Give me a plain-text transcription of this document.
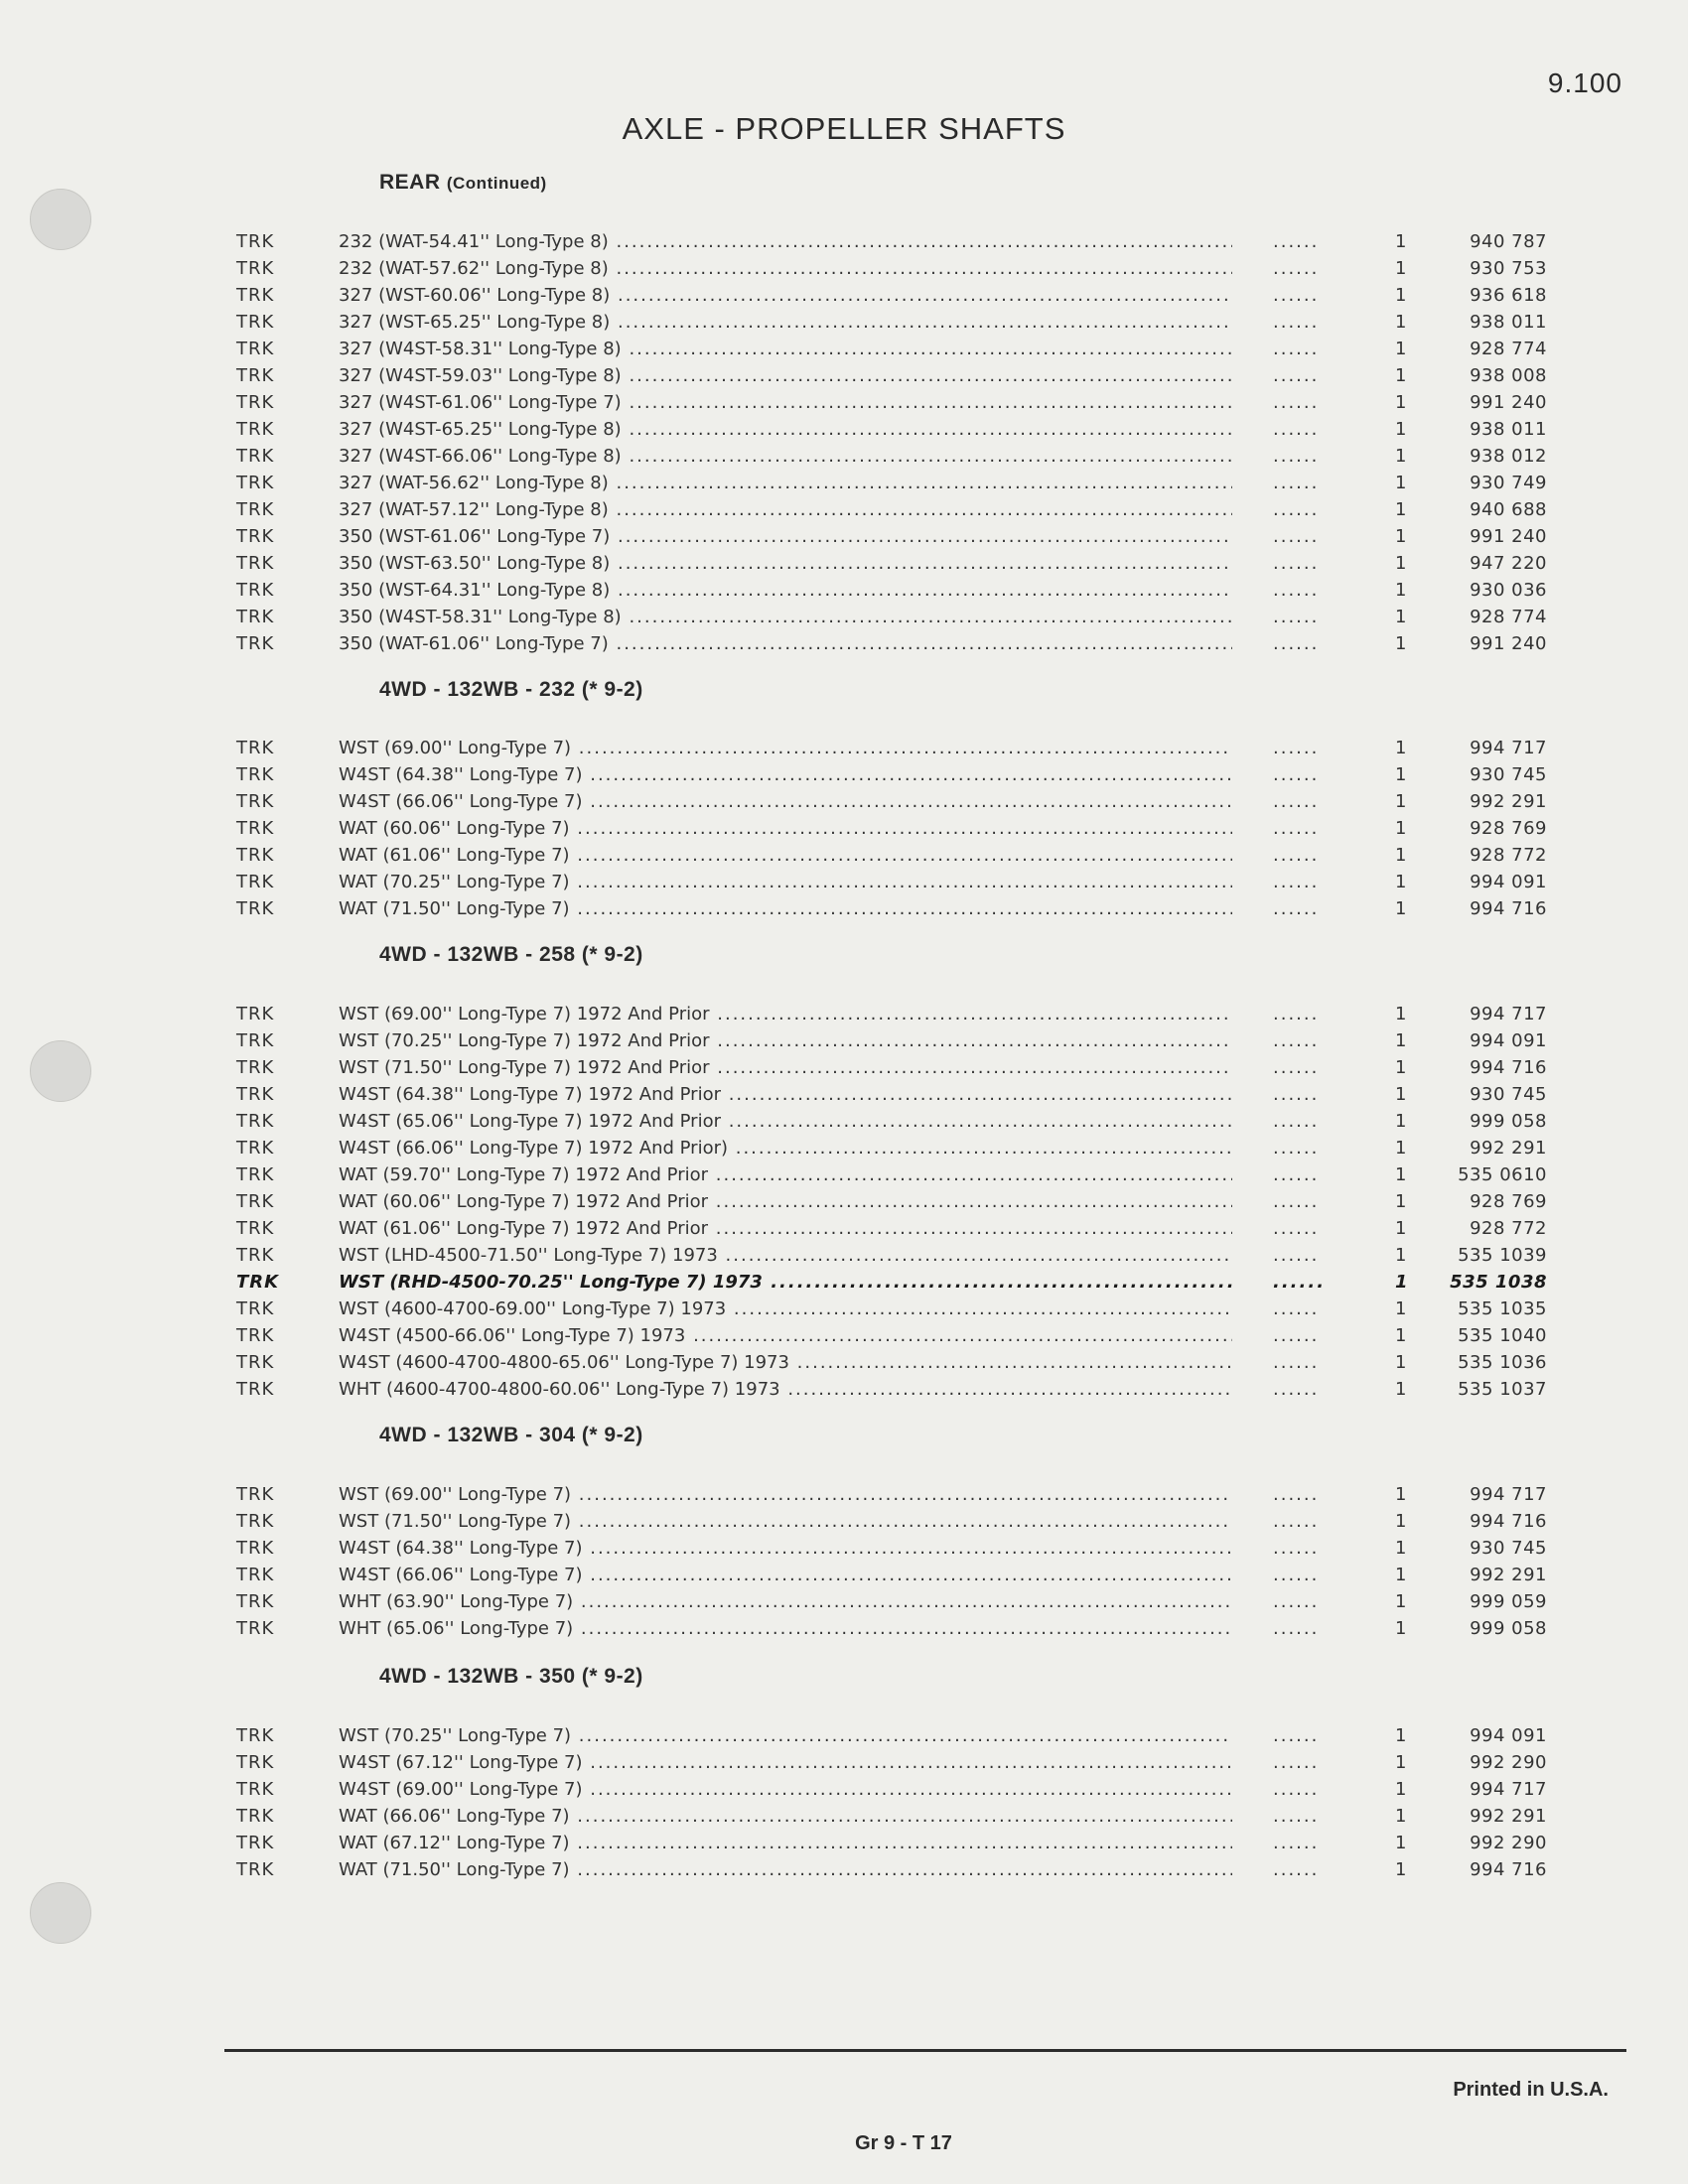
9.100
AXLE - PROPELLER SHAFTS
REAR (Continued)
TRK	232 (WAT-54.41'' Long-Type 8) .....	......	1	940 787
TRK	232 (WAT-57.62'' Long-Type 8) .....	......	1	930 753
TRK	327 (WST-60.06'' Long-Type 8) .....	......	1	936 618
TRK	327 (WST-65.25'' Long-Type 8) .....	......	1	938 011
TRK	327 (W4ST-58.31'' Long-Type 8) .....	......	1	928 774
TRK	327 (W4ST-59.03'' Long-Type 8) .....	......	1	938 008
TRK	327 (W4ST-61.06'' Long-Type 7) .....	......	1	991 240
TRK	327 (W4ST-65.25'' Long-Type 8) .....	......	1	938 011
TRK	327 (W4ST-66.06'' Long-Type 8) .....	......	1	938 012
TRK	327 (WAT-56.62'' Long-Type 8) .....	......	1	930 749
TRK	327 (WAT-57.12'' Long-Type 8) .....	......	1	940 688
TRK	350 (WST-61.06'' Long-Type 7) .....	......	1	991 240
TRK	350 (WST-63.50'' Long-Type 8) .....	......	1	947 220
TRK	350 (WST-64.31'' Long-Type 8) .....	......	1	930 036
TRK	350 (W4ST-58.31'' Long-Type 8) .....	......	1	928 774
TRK	350 (WAT-61.06'' Long-Type 7) .....	......	1	991 240
4WD - 132WB - 232 (* 9-2)
TRK	WST (69.00'' Long-Type 7) .....	......	1	994 717
TRK	W4ST (64.38'' Long-Type 7) .....	......	1	930 745
TRK	W4ST (66.06'' Long-Type 7) .....	......	1	992 291
TRK	WAT (60.06'' Long-Type 7) .....	......	1	928 769
TRK	WAT (61.06'' Long-Type 7) .....	......	1	928 772
TRK	WAT (70.25'' Long-Type 7) .....	......	1	994 091
TRK	WAT (71.50'' Long-Type 7) .....	......	1	994 716
4WD - 132WB - 258 (* 9-2)
TRK	WST (69.00'' Long-Type 7) 1972 And Prior .....	......	1	994 717
TRK	WST (70.25'' Long-Type 7) 1972 And Prior .....	......	1	994 091
TRK	WST (71.50'' Long-Type 7) 1972 And Prior .....	......	1	994 716
TRK	W4ST (64.38'' Long-Type 7) 1972 And Prior .....	......	1	930 745
TRK	W4ST (65.06'' Long-Type 7) 1972 And Prior .....	......	1	999 058
TRK	W4ST (66.06'' Long-Type 7) 1972 And Prior) .....	......	1	992 291
TRK	WAT (59.70'' Long-Type 7) 1972 And Prior .....	......	1	535 0610
TRK	WAT (60.06'' Long-Type 7) 1972 And Prior .....	......	1	928 769
TRK	WAT (61.06'' Long-Type 7) 1972 And Prior .....	......	1	928 772
TRK	WST (LHD-4500-71.50'' Long-Type 7) 1973 .....	......	1	535 1039
TRK	WST (RHD-4500-70.25'' Long-Type 7) 1973 .....	......	1	535 1038
TRK	WST (4600-4700-69.00'' Long-Type 7) 1973 .....	......	1	535 1035
TRK	W4ST (4500-66.06'' Long-Type 7) 1973 .....	......	1	535 1040
TRK	W4ST (4600-4700-4800-65.06'' Long-Type 7) 1973 .....	......	1	535 1036
TRK	WHT (4600-4700-4800-60.06'' Long-Type 7) 1973 .....	......	1	535 1037
4WD - 132WB - 304 (* 9-2)
TRK	WST (69.00'' Long-Type 7) .....	......	1	994 717
TRK	WST (71.50'' Long-Type 7) .....	......	1	994 716
TRK	W4ST (64.38'' Long-Type 7) .....	......	1	930 745
TRK	W4ST (66.06'' Long-Type 7) .....	......	1	992 291
TRK	WHT (63.90'' Long-Type 7) .....	......	1	999 059
TRK	WHT (65.06'' Long-Type 7) .....	......	1	999 058
4WD - 132WB - 350 (* 9-2)
TRK	WST (70.25'' Long-Type 7) .....	......	1	994 091
TRK	W4ST (67.12'' Long-Type 7) .....	......	1	992 290
TRK	W4ST (69.00'' Long-Type 7) .....	......	1	994 717
TRK	WAT (66.06'' Long-Type 7) .....	......	1	992 291
TRK	WAT (67.12'' Long-Type 7) .....	......	1	992 290
TRK	WAT (71.50'' Long-Type 7) .....	......	1	994 716
Printed in U.S.A.
Gr 9 - T 17
